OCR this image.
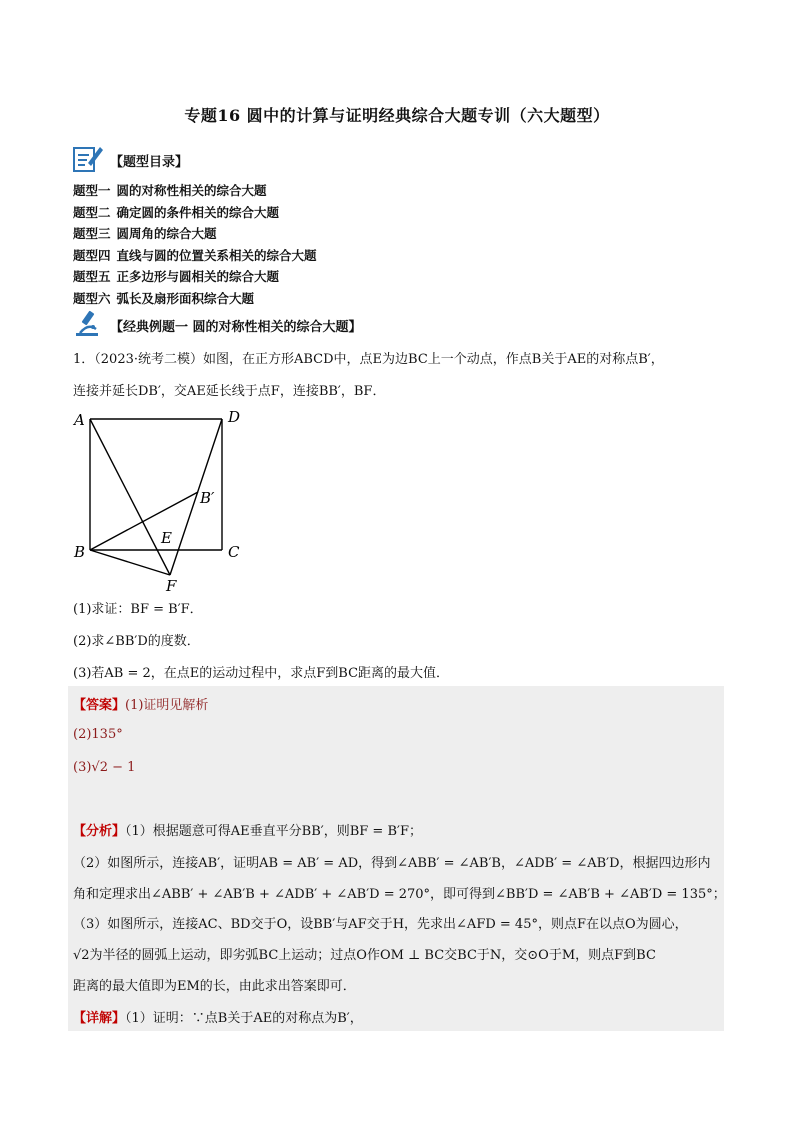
专题16 圆中的计算与证明经典综合大题专训（六大题型）
【题型目录】
题型一 圆的对称性相关的综合大题
题型二 确定圆的条件相关的综合大题
题型三 圆周角的综合大题
题型四 直线与圆的位置关系相关的综合大题
题型五 正多边形与圆相关的综合大题
题型六 弧长及扇形面积综合大题
【经典例题一 圆的对称性相关的综合大题】
1．（2023·统考二模）如图，在正方形ABCD中，点E为边BC上一个动点，作点B关于AE的对称点B′，
连接并延长DB′，交AE延长线于点F，连接BB′，BF．
A	D
B	C
E
F
B′
(1)求证：BF = B′F．
(2)求∠BB′D的度数．
(3)若AB = 2，在点E的运动过程中，求点F到BC距离的最大值．
【答案】(1)证明见解析
(2)135°
(3)√2 − 1
【分析】（1）根据题意可得AE垂直平分BB′，则BF = B′F；
（2）如图所示，连接AB′，证明AB = AB′ = AD，得到∠ABB′ = ∠AB′B，∠ADB′ = ∠AB′D，根据四边形内
角和定理求出∠ABB′ + ∠AB′B + ∠ADB′ + ∠AB′D = 270°，即可得到∠BB′D = ∠AB′B + ∠AB′D = 135°；
（3）如图所示，连接AC、BD交于O，设BB′与AF交于H，先求出∠AFD = 45°，则点F在以点O为圆心，
√2为半径的圆弧上运动，即劣弧BC上运动；过点O作OM ⊥ BC交BC于N，交⊙O于M，则点F到BC
距离的最大值即为EM的长，由此求出答案即可．
【详解】（1）证明：∵点B关于AE的对称点为B′，
